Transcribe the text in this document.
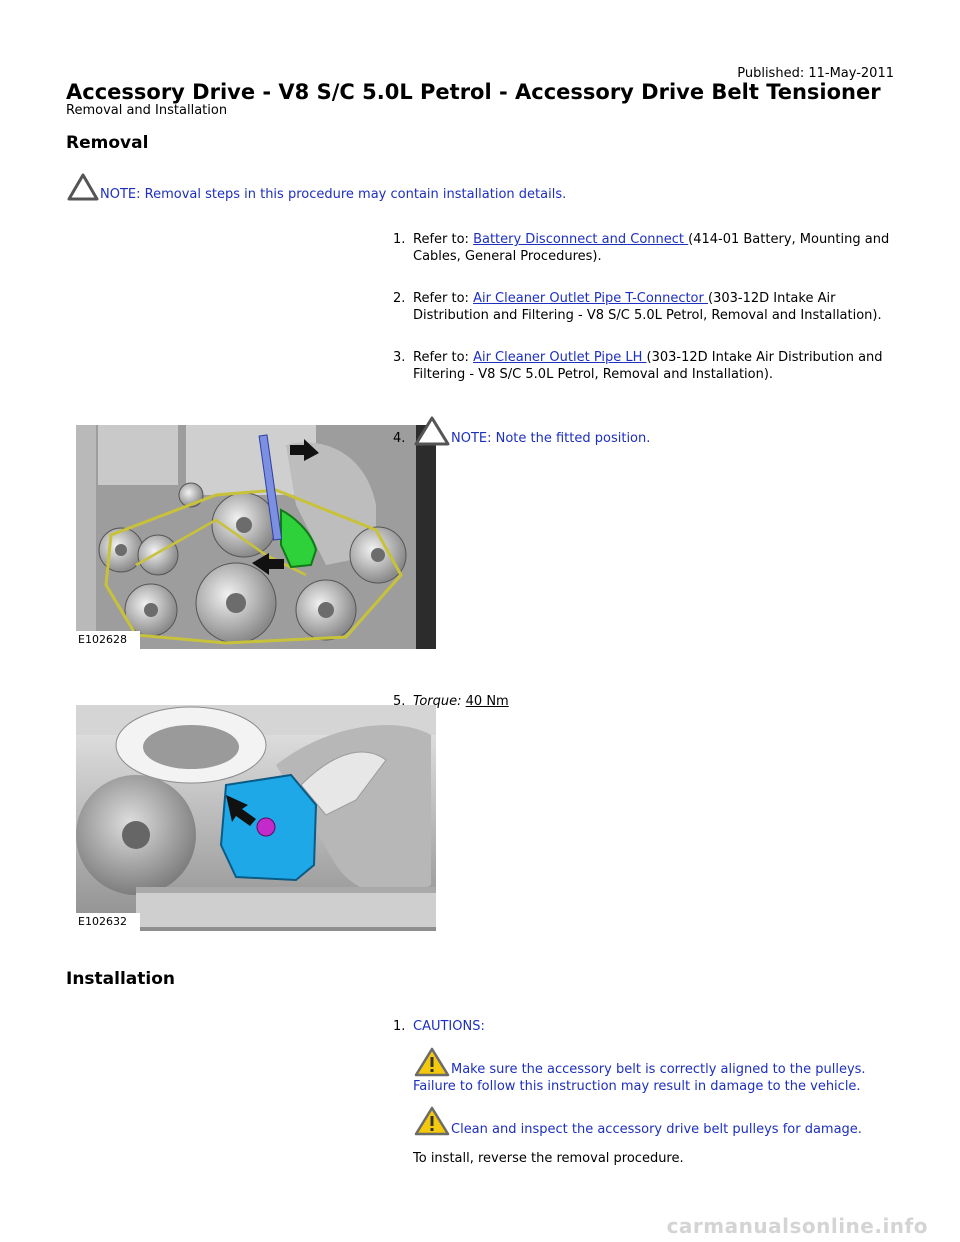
Published: 11-May-2011
Accessory Drive - V8 S/C 5.0L Petrol - Accessory Drive Belt Tensioner
Removal and Installation
Removal
NOTE: Removal steps in this procedure may contain installation details.
1. Refer to: Battery Disconnect and Connect (414-01 Battery, Mounting and Cables, General Procedures).
2. Refer to: Air Cleaner Outlet Pipe T-Connector (303-12D Intake Air Distribution and Filtering - V8 S/C 5.0L Petrol, Removal and Installation).
3. Refer to: Air Cleaner Outlet Pipe LH (303-12D Intake Air Distribution and Filtering - V8 S/C 5.0L Petrol, Removal and Installation).
E102628
4.	NOTE: Note the fitted position.
E102632
5. Torque: 40 Nm
Installation
1. CAUTIONS:
Make sure the accessory belt is correctly aligned to the pulleys.
Failure to follow this instruction may result in damage to the vehicle.
Clean and inspect the accessory drive belt pulleys for damage.
To install, reverse the removal procedure.
carmanualsonline.info
